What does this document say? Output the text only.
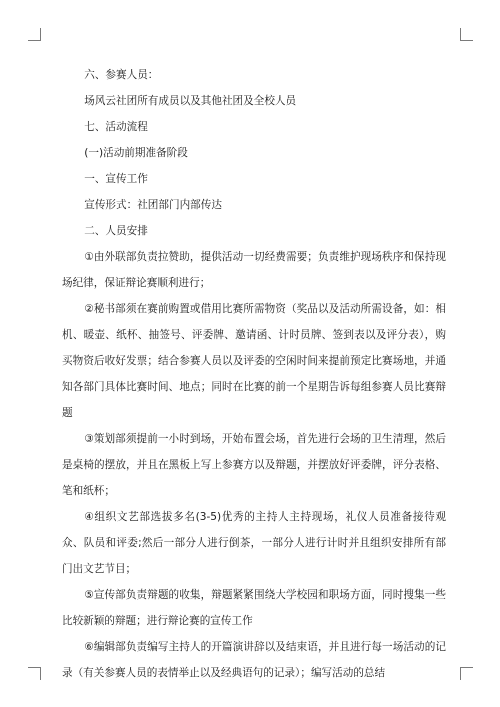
六、参赛人员：

场风云社团所有成员以及其他社团及全校人员

七、活动流程

(一)活动前期准备阶段

一、宣传工作

宣传形式：社团部门内部传达

二、人员安排

①由外联部负责拉赞助，提供活动一切经费需要；负责维护现场秩序和保持现场纪律，保证辩论赛顺利进行；

②秘书部须在赛前购置或借用比赛所需物资（奖品以及活动所需设备，如：相机、暖壶、纸杯、抽签号、评委牌、邀请函、计时员牌、签到表以及评分表），购买物资后收好发票；结合参赛人员以及评委的空闲时间来提前预定比赛场地，并通知各部门具体比赛时间、地点；同时在比赛的前一个星期告诉每组参赛人员比赛辩题

③策划部须提前一小时到场，开始布置会场，首先进行会场的卫生清理，然后是桌椅的摆放，并且在黑板上写上参赛方以及辩题，并摆放好评委牌，评分表格、笔和纸杯；

④组织文艺部选拔多名(3-5)优秀的主持人主持现场，礼仪人员准备接待观众、队员和评委;然后一部分人进行倒茶，一部分人进行计时并且组织安排所有部门出文艺节目；

⑤宣传部负责辩题的收集，辩题紧紧围绕大学校园和职场方面，同时搜集一些比较新颖的辩题；进行辩论赛的宣传工作

⑥编辑部负责编写主持人的开篇演讲辞以及结束语，并且进行每一场活动的记录（有关参赛人员的表情举止以及经典语句的记录）；编写活动的总结
